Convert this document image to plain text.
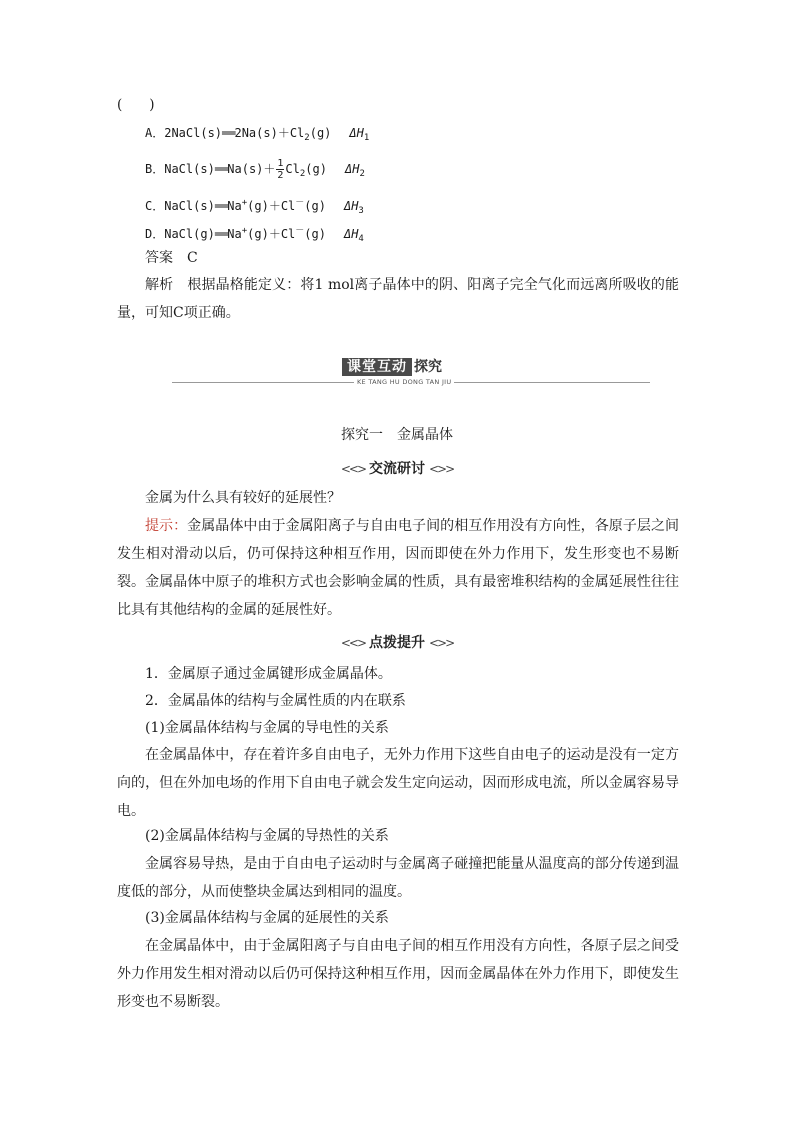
(　　)
A．$2NaCl(s)══2Na(s)+Cl_2(g)$ $\Delta H_1$
B．NaCl(s)══Na(s)＋ $\frac{1}{2} Cl_2(g)$ $\Delta H_2$
C．NaCl(s)══Na+(g)＋Cl－(g) $\Delta H_3$
D．NaCl(g)══Na+(g)＋Cl－(g) $\Delta H_4$
答案　C
解析　根据晶格能定义：将1 mol离子晶体中的阴、阳离子完全气化而远离所吸收的能量，可知C项正确。
课堂互动 探究
KE TANG HU DONG TAN JIU
探究一　金属晶体
<<> 交流研讨 <>>
金属为什么具有较好的延展性？
提示：金属晶体中由于金属阳离子与自由电子间的相互作用没有方向性，各原子层之间发生相对滑动以后，仍可保持这种相互作用，因而即使在外力作用下，发生形变也不易断裂。金属晶体中原子的堆积方式也会影响金属的性质，具有最密堆积结构的金属延展性往往比具有其他结构的金属的延展性好。
<<> 点拨提升 <>>
1．金属原子通过金属键形成金属晶体。
2．金属晶体的结构与金属性质的内在联系
(1)金属晶体结构与金属的导电性的关系
在金属晶体中，存在着许多自由电子，无外力作用下这些自由电子的运动是没有一定方向的，但在外加电场的作用下自由电子就会发生定向运动，因而形成电流，所以金属容易导电。
(2)金属晶体结构与金属的导热性的关系
金属容易导热，是由于自由电子运动时与金属离子碰撞把能量从温度高的部分传递到温度低的部分，从而使整块金属达到相同的温度。
(3)金属晶体结构与金属的延展性的关系
在金属晶体中，由于金属阳离子与自由电子间的相互作用没有方向性，各原子层之间受外力作用发生相对滑动以后仍可保持这种相互作用，因而金属晶体在外力作用下，即使发生形变也不易断裂。
